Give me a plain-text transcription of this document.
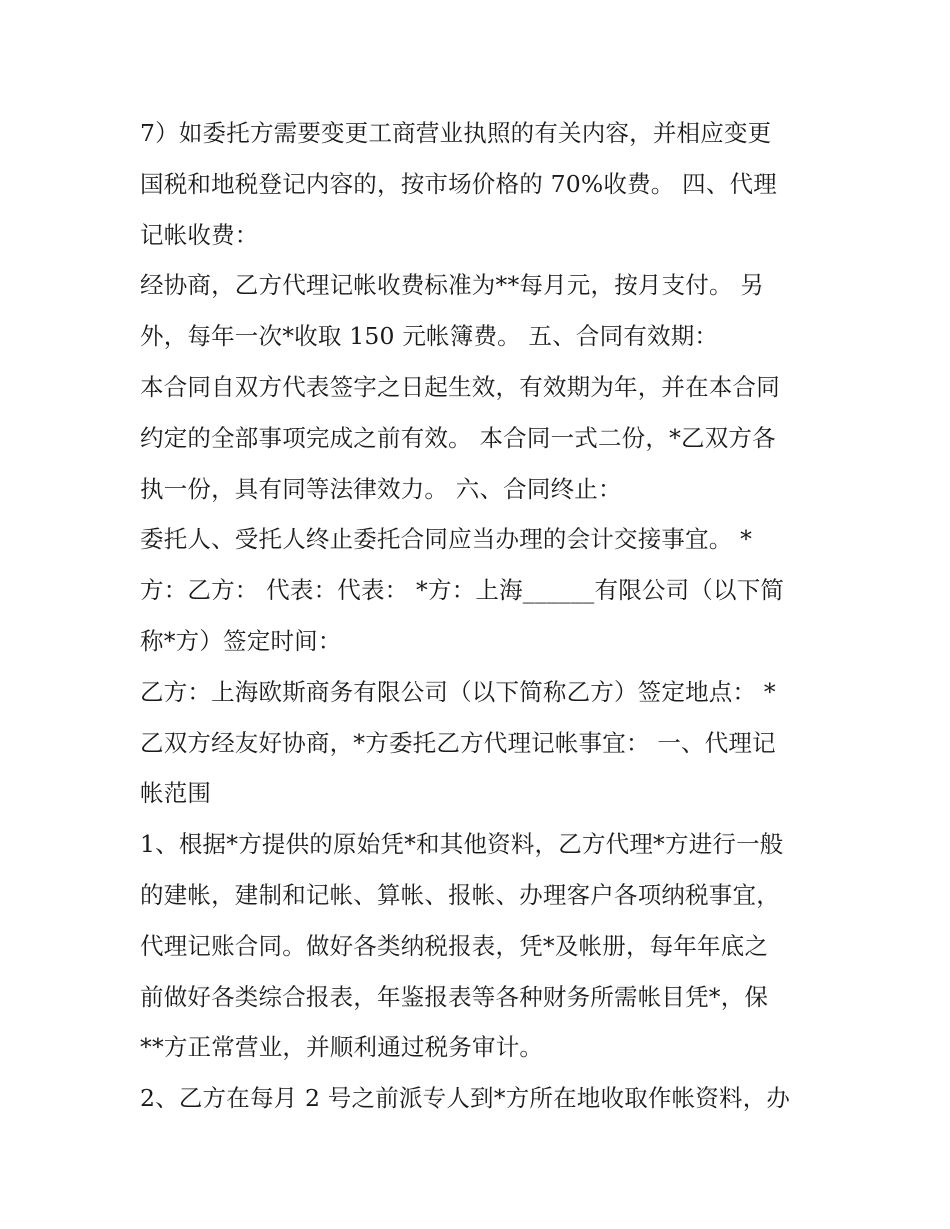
7）如委托方需要变更工商营业执照的有关内容，并相应变更
国税和地税登记内容的，按市场价格的 70%收费。 四、代理
记帐收费：
经协商，乙方代理记帐收费标准为**每月元，按月支付。 另
外，每年一次*收取 150 元帐簿费。 五、合同有效期：
本合同自双方代表签字之日起生效，有效期为年，并在本合同
约定的全部事项完成之前有效。 本合同一式二份，*乙双方各
执一份，具有同等法律效力。 六、合同终止：
委托人、受托人终止委托合同应当办理的会计交接事宜。 *
方：乙方： 代表：代表： *方：上海______有限公司（以下简
称*方）签定时间：
乙方：上海欧斯商务有限公司（以下简称乙方）签定地点： *
乙双方经友好协商，*方委托乙方代理记帐事宜： 一、代理记
帐范围
1、根据*方提供的原始凭*和其他资料，乙方代理*方进行一般
的建帐，建制和记帐、算帐、报帐、办理客户各项纳税事宜，
代理记账合同。做好各类纳税报表，凭*及帐册，每年年底之
前做好各类综合报表，年鉴报表等各种财务所需帐目凭*，保
**方正常营业，并顺利通过税务审计。
2、乙方在每月 2 号之前派专人到*方所在地收取作帐资料，办
